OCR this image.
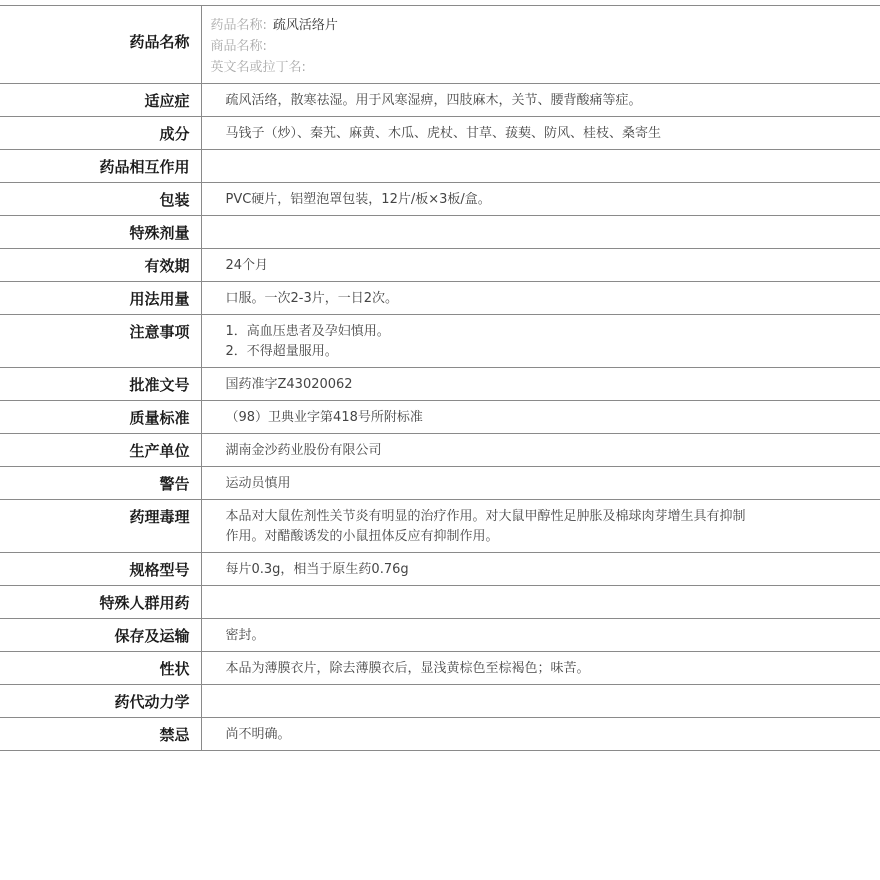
药品名称	药品名称: 疏风活络片
商品名称:
英文名或拉丁名:

适应症	疏风活络，散寒祛湿。用于风寒湿痹，四肢麻木，关节、腰背酸痛等症。

成分	马钱子（炒）、秦艽、麻黄、木瓜、虎杖、甘草、菝葜、防风、桂枝、桑寄生

药品相互作用	

包装	PVC硬片，铝塑泡罩包装，12片/板×3板/盒。

特殊剂量	

有效期	24个月

用法用量	口服。一次2-3片，一日2次。

注意事项	1．高血压患者及孕妇慎用。
2．不得超量服用。

批准文号	国药准字Z43020062

质量标准	（98）卫典业字第418号所附标准

生产单位	湖南金沙药业股份有限公司

警告	运动员慎用

药理毒理	本品对大鼠佐剂性关节炎有明显的治疗作用。对大鼠甲醇性足肿胀及棉球肉芽增生具有抑制
作用。对醋酸诱发的小鼠扭体反应有抑制作用。

规格型号	每片0.3g，相当于原生药0.76g

特殊人群用药	

保存及运输	密封。

性状	本品为薄膜衣片，除去薄膜衣后，显浅黄棕色至棕褐色；味苦。

药代动力学	

禁忌	尚不明确。
